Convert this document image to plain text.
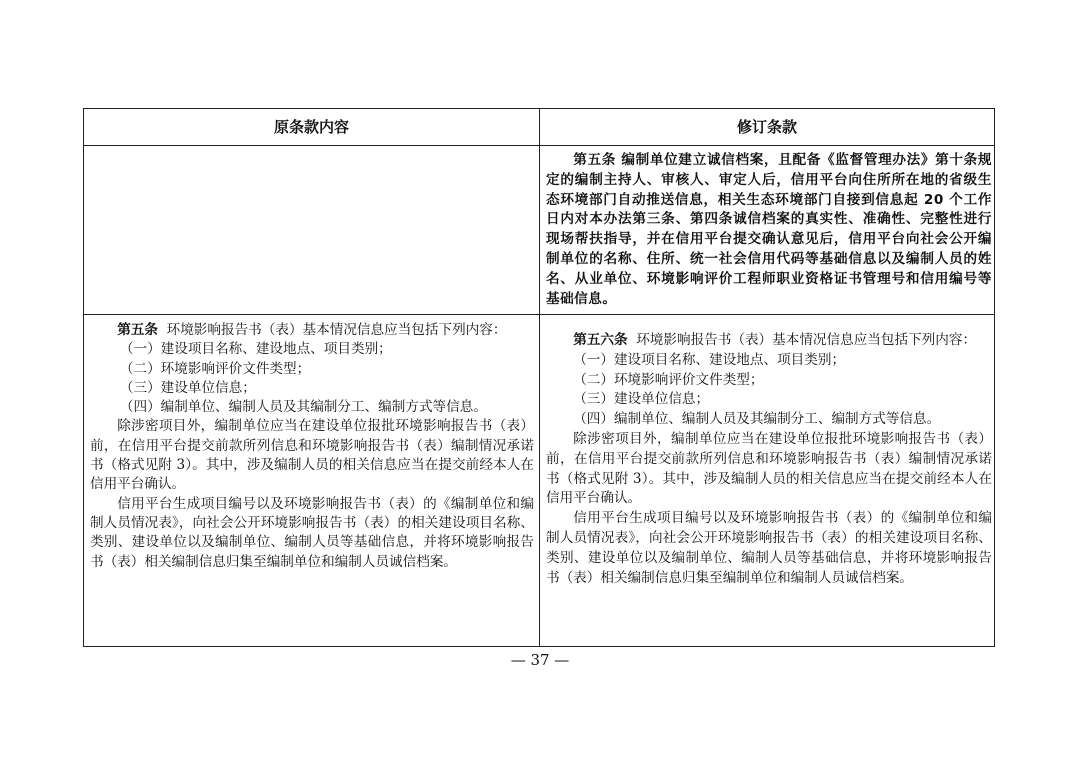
原条款内容	修订条款

第五条 编制单位建立诚信档案，且配备《监督管理办法》第十条规定的编制主持人、审核人、审定人后，信用平台向住所所在地的省级生态环境部门自动推送信息，相关生态环境部门自接到信息起 20 个工作日内对本办法第三条、第四条诚信档案的真实性、准确性、完整性进行现场帮扶指导，并在信用平台提交确认意见后，信用平台向社会公开编制单位的名称、住所、统一社会信用代码等基础信息以及编制人员的姓名、从业单位、环境影响评价工程师职业资格证书管理号和信用编号等基础信息。

第五条 环境影响报告书（表）基本情况信息应当包括下列内容：

（一）建设项目名称、建设地点、项目类别；

（二）环境影响评价文件类型；

（三）建设单位信息；

（四）编制单位、编制人员及其编制分工、编制方式等信息。

除涉密项目外，编制单位应当在建设单位报批环境影响报告书（表）前，在信用平台提交前款所列信息和环境影响报告书（表）编制情况承诺书（格式见附 3）。其中，涉及编制人员的相关信息应当在提交前经本人在信用平台确认。

信用平台生成项目编号以及环境影响报告书（表）的《编制单位和编制人员情况表》，向社会公开环境影响报告书（表）的相关建设项目名称、类别、建设单位以及编制单位、编制人员等基础信息，并将环境影响报告书（表）相关编制信息归集至编制单位和编制人员诚信档案。

第五六条 环境影响报告书（表）基本情况信息应当包括下列内容：

（一）建设项目名称、建设地点、项目类别；

（二）环境影响评价文件类型；

（三）建设单位信息；

（四）编制单位、编制人员及其编制分工、编制方式等信息。

除涉密项目外，编制单位应当在建设单位报批环境影响报告书（表）前，在信用平台提交前款所列信息和环境影响报告书（表）编制情况承诺书（格式见附 3）。其中，涉及编制人员的相关信息应当在提交前经本人在信用平台确认。

信用平台生成项目编号以及环境影响报告书（表）的《编制单位和编制人员情况表》，向社会公开环境影响报告书（表）的相关建设项目名称、类别、建设单位以及编制单位、编制人员等基础信息，并将环境影响报告书（表）相关编制信息归集至编制单位和编制人员诚信档案。

— 37 —
